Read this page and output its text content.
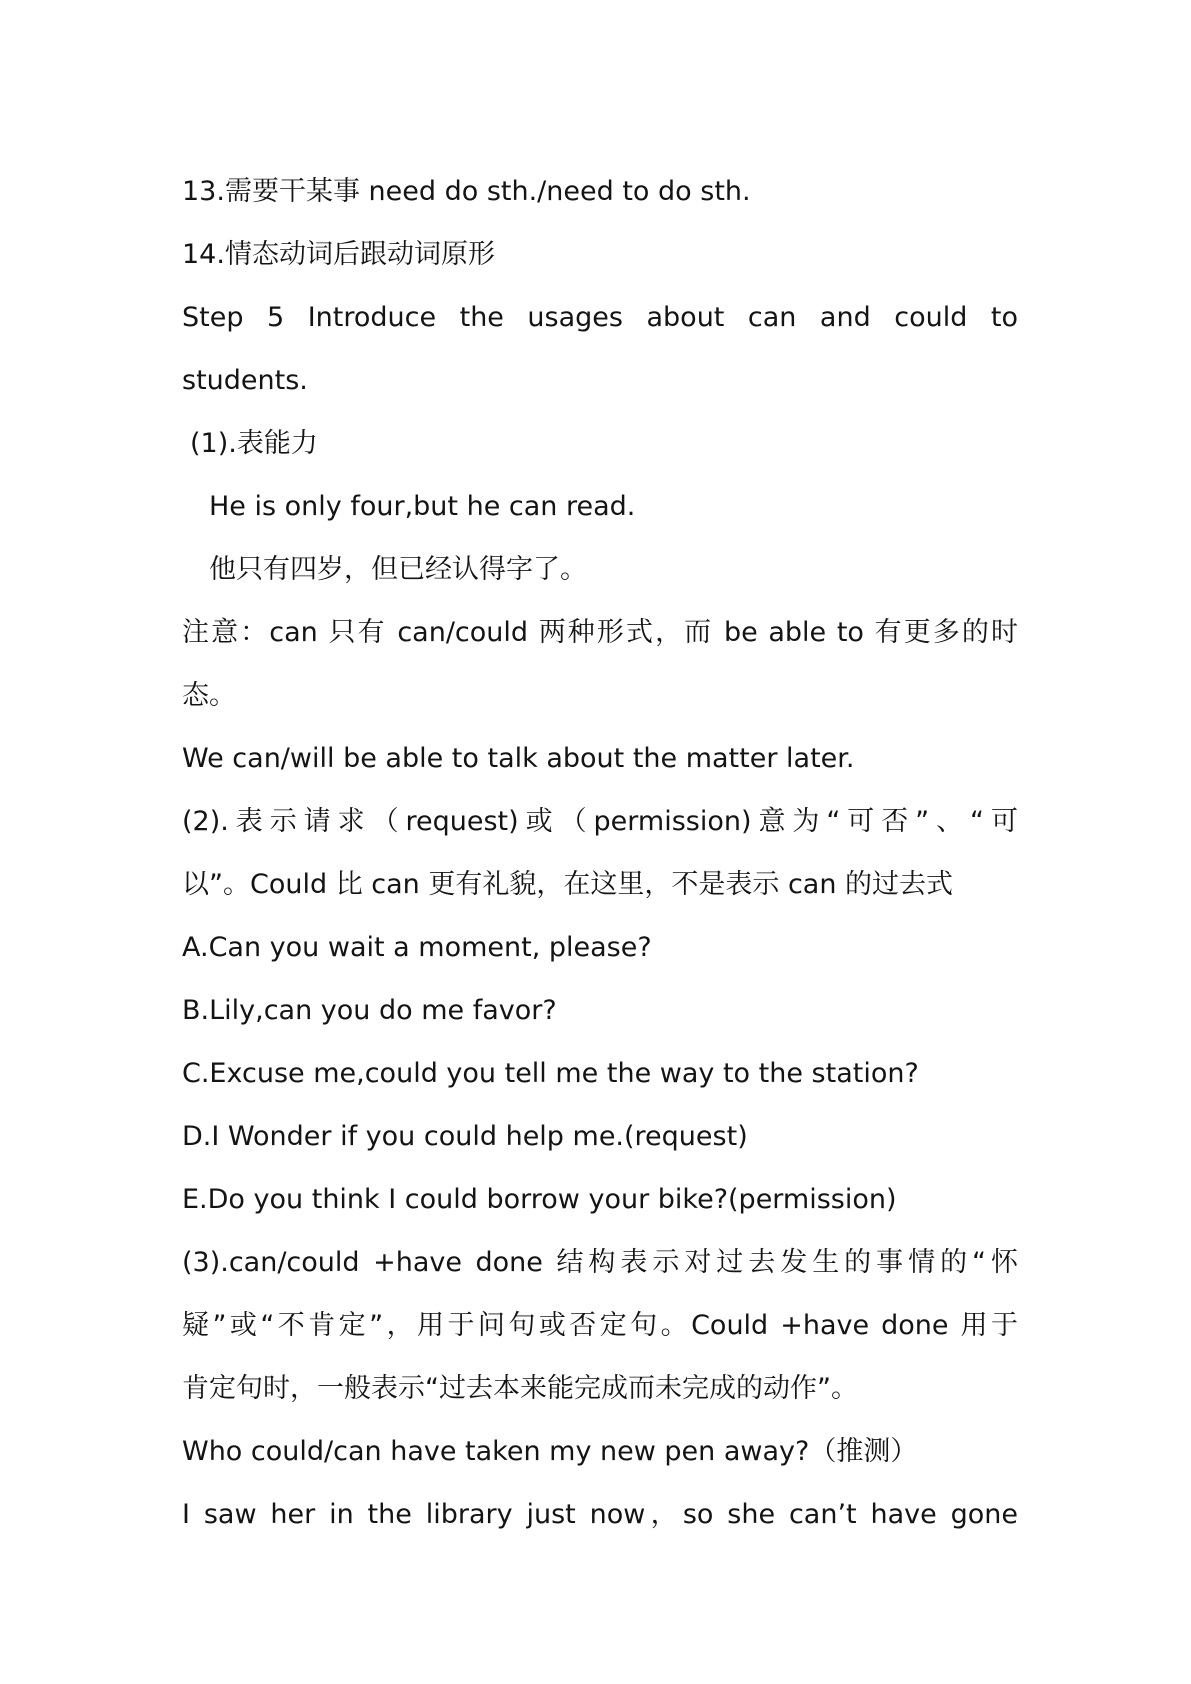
13.需要干某事 need do sth./need to do sth.
14.情态动词后跟动词原形
Step 5 Introduce the usages about can and could to
students.
(1).表能力
He is only four,but he can read.
他只有四岁，但已经认得字了。
注意：can 只有 can/could 两种形式，而 be able to 有更多的时
态。
We can/will be able to talk about the matter later.
(2).表示请求（request)或（permission)意为“可否”、“可
以”。Could 比 can 更有礼貌，在这里，不是表示 can 的过去式
A.Can you wait a moment, please?
B.Lily,can you do me favor?
C.Excuse me,could you tell me the way to the station?
D.I Wonder if you could help me.(request)
E.Do you think I could borrow your bike?(permission)
(3).can/could +have done 结构表示对过去发生的事情的“怀
疑”或“不肯定”，用于问句或否定句。Could +have done 用于
肯定句时，一般表示“过去本来能完成而未完成的动作”。
Who could/can have taken my new pen away?（推测）
I saw her in the library just now，so she can’t have gone
